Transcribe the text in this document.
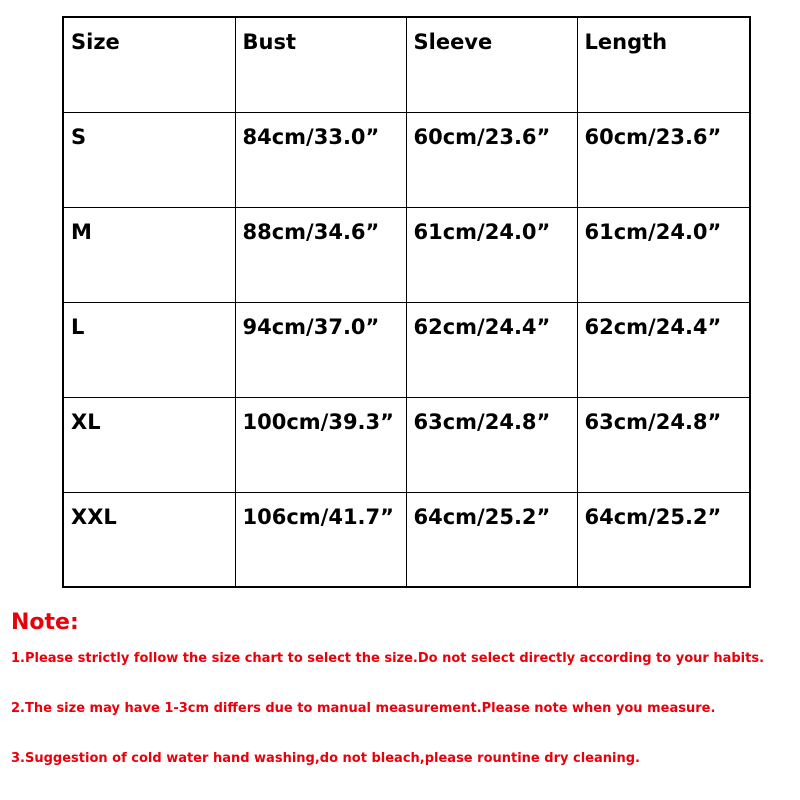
Size	Bust	Sleeve	Length
S	84cm/33.0”	60cm/23.6”	60cm/23.6”
M	88cm/34.6”	61cm/24.0”	61cm/24.0”
L	94cm/37.0”	62cm/24.4”	62cm/24.4”
XL	100cm/39.3”	63cm/24.8”	63cm/24.8”
XXL	106cm/41.7”	64cm/25.2”	64cm/25.2”

Note:

1.Please strictly follow the size chart to select the size.Do not select directly according to your habits.

2.The size may have 1-3cm differs due to manual measurement.Please note when you measure.

3.Suggestion of cold water hand washing,do not bleach,please rountine dry cleaning.
